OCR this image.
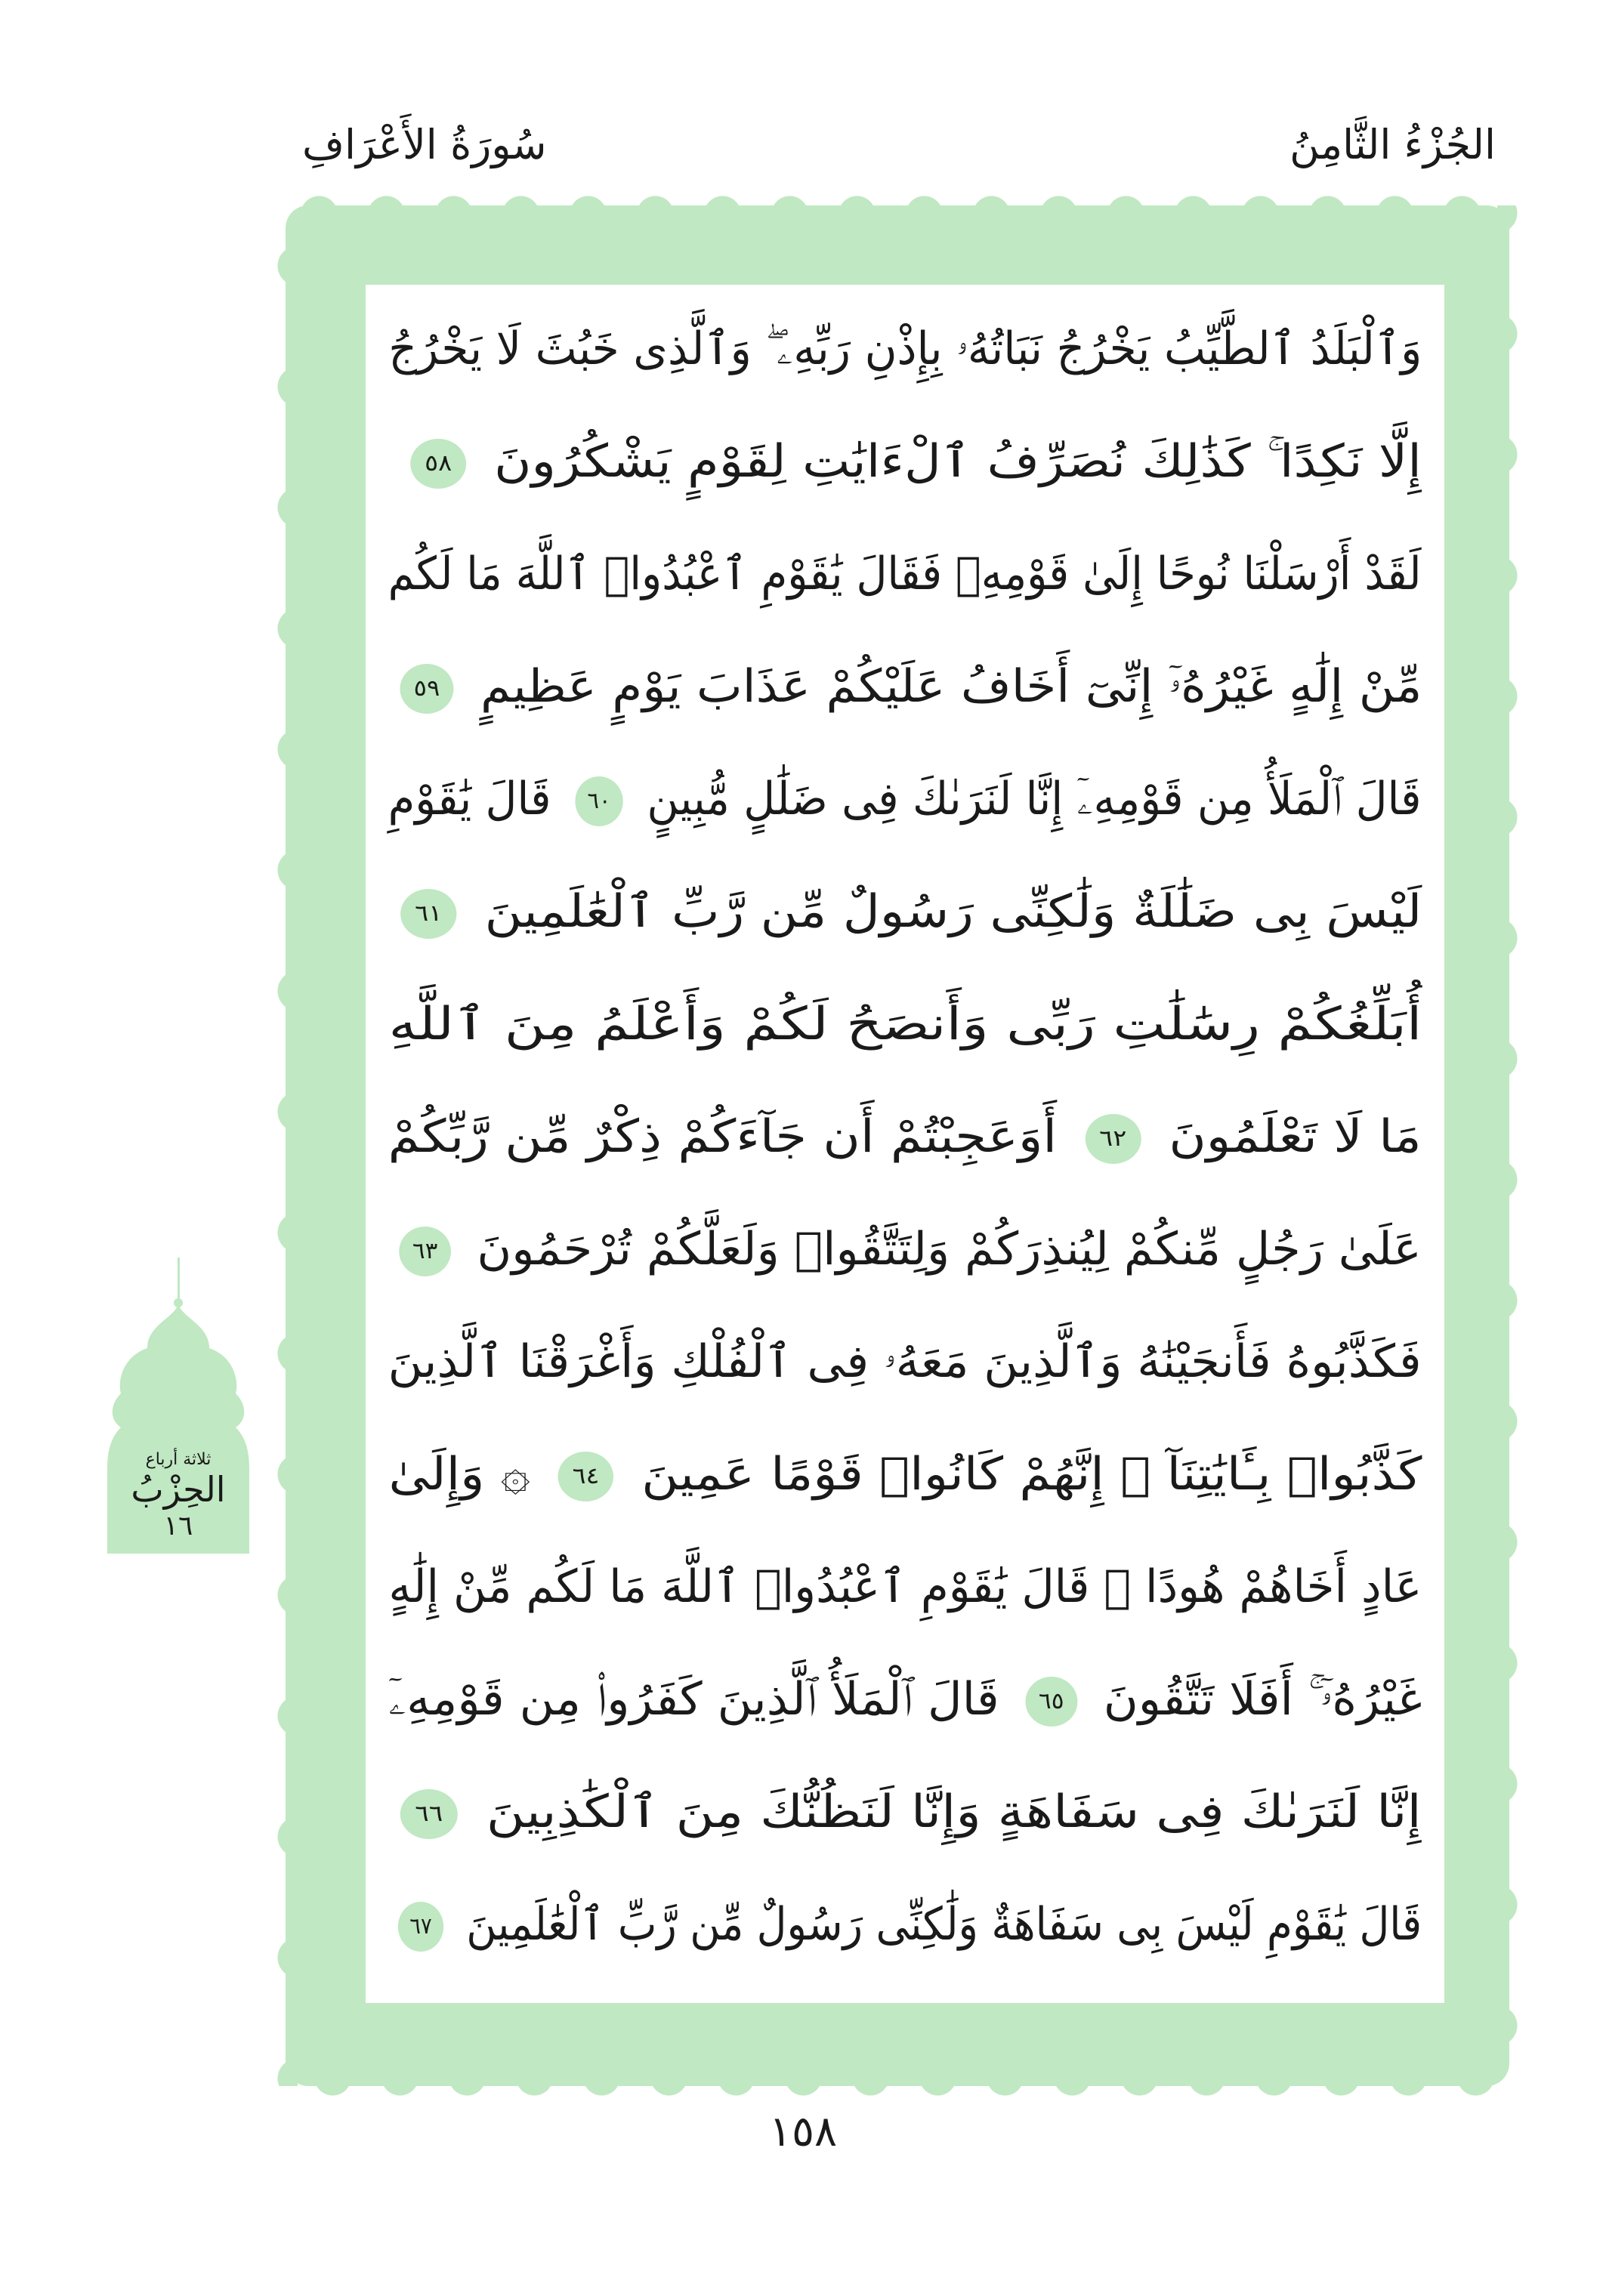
الجُزْءُ الثَّامِنُ
سُورَةُ الأَعْرَافِ
وَٱلْبَلَدُ ٱلطَّيِّبُ يَخْرُجُ نَبَاتُهُۥ بِإِذْنِ رَبِّهِۦ ۖ وَٱلَّذِى خَبُثَ لَا يَخْرُجُ
إِلَّا نَكِدًا ۚ كَذَٰلِكَ نُصَرِّفُ ٱلْءَايَٰتِ لِقَوْمٍ يَشْكُرُونَ ٥٨
لَقَدْ أَرْسَلْنَا نُوحًا إِلَىٰ قَوْمِهِۦ فَقَالَ يَٰقَوْمِ ٱعْبُدُوا۟ ٱللَّهَ مَا لَكُم
مِّنْ إِلَٰهٍ غَيْرُهُۥٓ إِنِّىٓ أَخَافُ عَلَيْكُمْ عَذَابَ يَوْمٍ عَظِيمٍ ٥٩
قَالَ ٱلْمَلَأُ مِن قَوْمِهِۦٓ إِنَّا لَنَرَىٰكَ فِى ضَلَٰلٍ مُّبِينٍ ٦٠ قَالَ يَٰقَوْمِ
لَيْسَ بِى ضَلَٰلَةٌ وَلَٰكِنِّى رَسُولٌ مِّن رَّبِّ ٱلْعَٰلَمِينَ ٦١
أُبَلِّغُكُمْ رِسَٰلَٰتِ رَبِّى وَأَنصَحُ لَكُمْ وَأَعْلَمُ مِنَ ٱللَّهِ
مَا لَا تَعْلَمُونَ ٦٢ أَوَعَجِبْتُمْ أَن جَآءَكُمْ ذِكْرٌ مِّن رَّبِّكُمْ
عَلَىٰ رَجُلٍ مِّنكُمْ لِيُنذِرَكُمْ وَلِتَتَّقُوا۟ وَلَعَلَّكُمْ تُرْحَمُونَ ٦٣
فَكَذَّبُوهُ فَأَنجَيْنَٰهُ وَٱلَّذِينَ مَعَهُۥ فِى ٱلْفُلْكِ وَأَغْرَقْنَا ٱلَّذِينَ
كَذَّبُوا۟ بِـَٔايَٰتِنَآ ۚ إِنَّهُمْ كَانُوا۟ قَوْمًا عَمِينَ ٦٤ ۞ وَإِلَىٰ
عَادٍ أَخَاهُمْ هُودًا ۗ قَالَ يَٰقَوْمِ ٱعْبُدُوا۟ ٱللَّهَ مَا لَكُم مِّنْ إِلَٰهٍ
غَيْرُهُۥٓ ۚ أَفَلَا تَتَّقُونَ ٦٥ قَالَ ٱلْمَلَأُ ٱلَّذِينَ كَفَرُوا۟ مِن قَوْمِهِۦٓ
إِنَّا لَنَرَىٰكَ فِى سَفَاهَةٍ وَإِنَّا لَنَظُنُّكَ مِنَ ٱلْكَٰذِبِينَ ٦٦
قَالَ يَٰقَوْمِ لَيْسَ بِى سَفَاهَةٌ وَلَٰكِنِّى رَسُولٌ مِّن رَّبِّ ٱلْعَٰلَمِينَ ٦٧
ثلاثة أرباع
الحِزْبُ
١٦
١٥٨
